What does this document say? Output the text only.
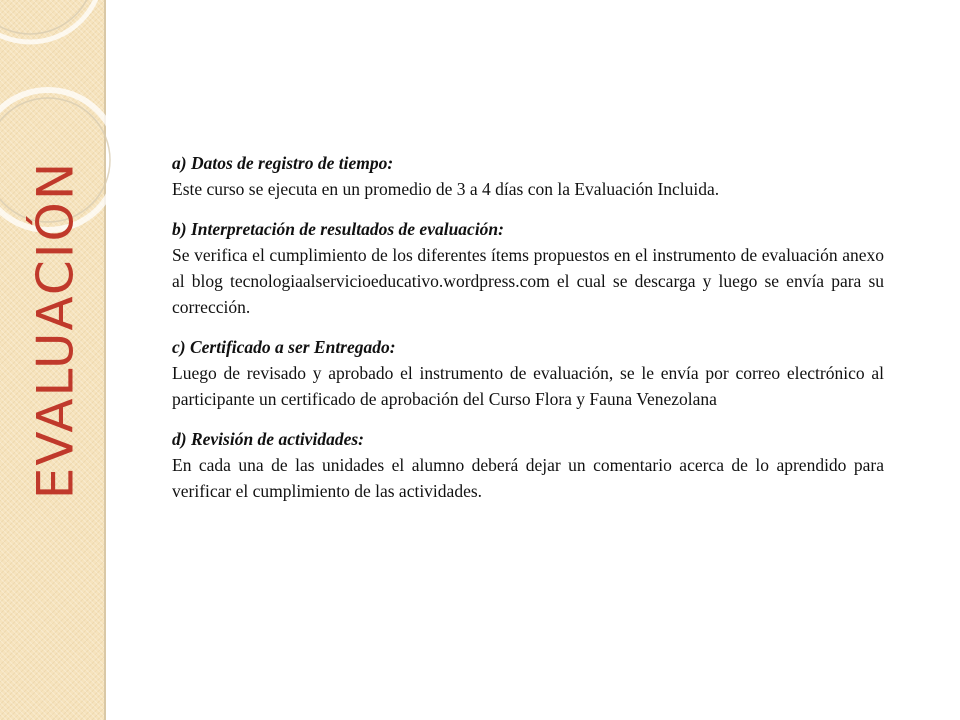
EVALUACIÓN	a) Datos de registro de tiempo:

Este curso se ejecuta en un promedio de 3 a 4 días con la Evaluación Incluida.

b) Interpretación de resultados de evaluación:

Se verifica el cumplimiento de los diferentes ítems propuestos en el instrumento de evaluación anexo al blog tecnologiaalservicioeducativo.wordpress.com el cual se descarga y luego se envía para su corrección.

c) Certificado a ser Entregado:

Luego de revisado y aprobado el instrumento de evaluación, se le envía por correo electrónico al participante un certificado de aprobación del Curso Flora y Fauna Venezolana

d) Revisión de actividades:

En cada una de las unidades el alumno deberá dejar un comentario acerca de lo aprendido para verificar el cumplimiento de las actividades.
